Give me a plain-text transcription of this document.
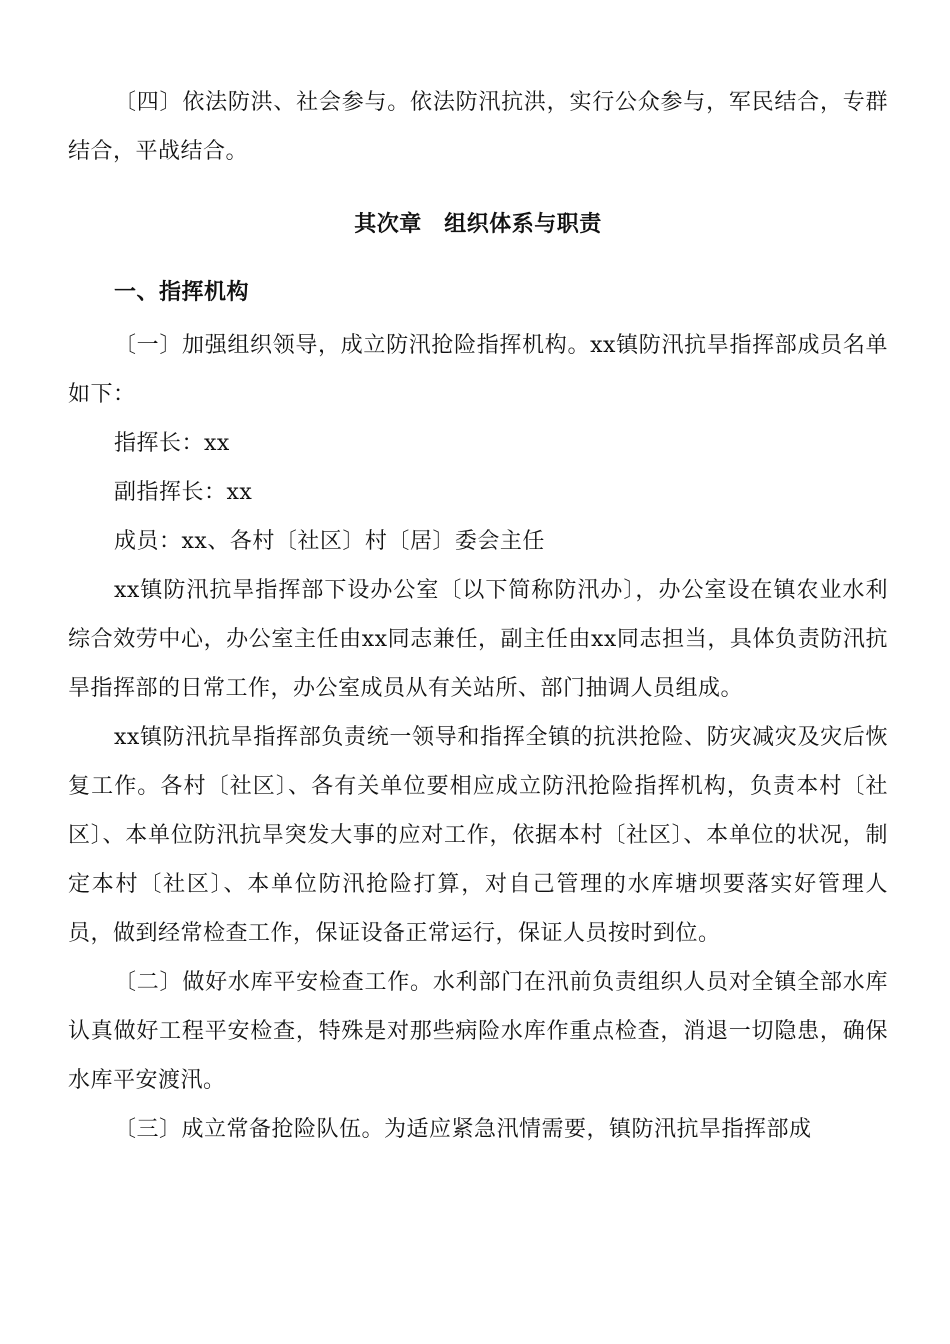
〔四〕依法防洪、社会参与。依法防汛抗洪，实行公众参与，军民结合，专群结合，平战结合。

其次章　组织体系与职责

一、指挥机构

〔一〕加强组织领导，成立防汛抢险指挥机构。xx镇防汛抗旱指挥部成员名单如下：

指挥长：xx

副指挥长：xx

成员：xx、各村〔社区〕村〔居〕委会主任

xx镇防汛抗旱指挥部下设办公室〔以下简称防汛办〕，办公室设在镇农业水利综合效劳中心，办公室主任由xx同志兼任，副主任由xx同志担当，具体负责防汛抗旱指挥部的日常工作，办公室成员从有关站所、部门抽调人员组成。

xx镇防汛抗旱指挥部负责统一领导和指挥全镇的抗洪抢险、防灾减灾及灾后恢复工作。各村〔社区〕、各有关单位要相应成立防汛抢险指挥机构，负责本村〔社区〕、本单位防汛抗旱突发大事的应对工作，依据本村〔社区〕、本单位的状况，制定本村〔社区〕、本单位防汛抢险打算，对自己管理的水库塘坝要落实好管理人员，做到经常检查工作，保证设备正常运行，保证人员按时到位。

〔二〕做好水库平安检查工作。水利部门在汛前负责组织人员对全镇全部水库认真做好工程平安检查，特殊是对那些病险水库作重点检查，消退一切隐患，确保水库平安渡汛。

〔三〕成立常备抢险队伍。为适应紧急汛情需要，镇防汛抗旱指挥部成
